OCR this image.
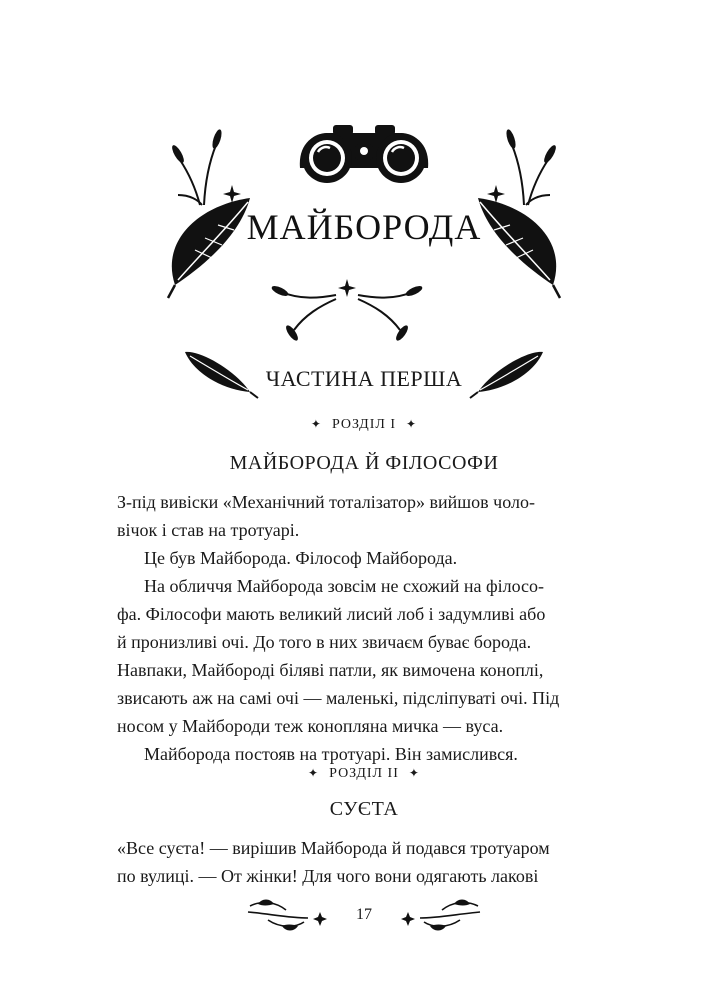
МАЙБОРОДА
ЧАСТИНА ПЕРША
✦ РОЗДІЛ І ✦
МАЙБОРОДА Й ФІЛОСОФИ

З-під вивіски «Механічний тоталізатор» вийшов чоло-

вічок і став на тротуарі.

Це був Майборода. Філософ Майборода.

На обличчя Майборода зовсім не схожий на філосо-

фа. Філософи мають великий лисий лоб і задумливі або

й пронизливі очі. До того в них звичаєм буває борода.

Навпаки, Майбороді біляві патли, як вимочена коноплі,

звисають аж на самі очі — маленькі, підсліпуваті очі. Під

носом у Майбороди теж конопляна мичка — вуса.

Майборода постояв на тротуарі. Він замислився.

✦ РОЗДІЛ ІІ ✦
СУЄТА

«Все суєта! — вирішив Майборода й подався тротуаром

по вулиці. — От жінки! Для чого вони одягають лакові

17
